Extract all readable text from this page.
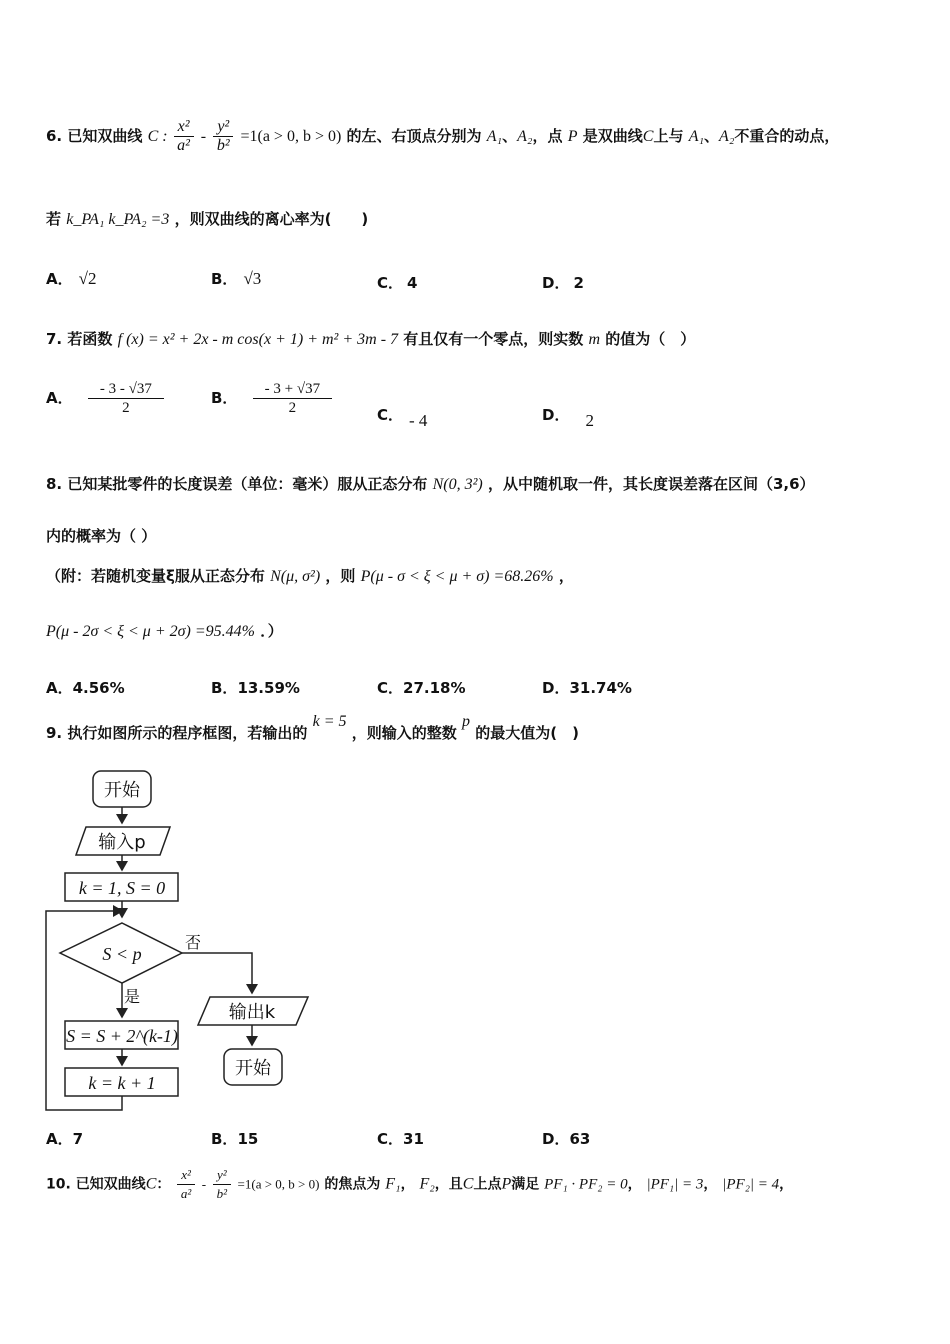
6. 已知双曲线 C : $\frac{\text{x²}}{\text{a²}} - \frac{\text{y²}}{\text{b²}} =1(a > 0$, b > 0) 的左、右顶点分别为 A₁、A₂，点 P 是双曲线C上与 A₁、A₂不重合的动点，
若 k_PA₁ k_PA₂ =3 ，则双曲线的离心率为(　　)
A． √2	B． √3	C． 4	D． 2
7. 若函数 f (x) = x² + 2x - m cos(x + 1) + m² + 3m - 7 有且仅有一个零点，则实数 m 的值为（　）
A． $\frac{- 3 - √37}{2}$	B． $\frac{- 3 + √37}{2}$	C． - 4	D． 2
8. 已知某批零件的长度误差（单位：毫米）服从正态分布 N(0, 3²) ，从中随机取一件，其长度误差落在区间（3,6）
内的概率为（ ）
（附：若随机变量ξ服从正态分布 N(μ, σ²) ，则 P(μ - σ < ξ < μ + σ) =68.26% ，
P(μ - 2σ < ξ < μ + 2σ) =95.44% ．）
A．4.56%	B．13.59%	C．27.18%	D．31.74%
9. 执行如图所示的程序框图，若输出的 k = 5 ，则输入的整数 p 的最大值为(　)
开始
输入p
k = 1, S = 0
S < p
否
是
S = S + 2^(k-1)
k = k + 1
输出k
开始
A．7	B．15	C．31	D．63
10. 已知双曲线C： $\frac{\text{x²}}{\text{a²}} - \frac{\text{y²}}{\text{b²}} =1(a > 0$, b > 0) 的焦点为 F₁， F₂，且C上点P满足 PF₁ · PF₂ = 0， |PF₁| = 3， |PF₂| = 4，
